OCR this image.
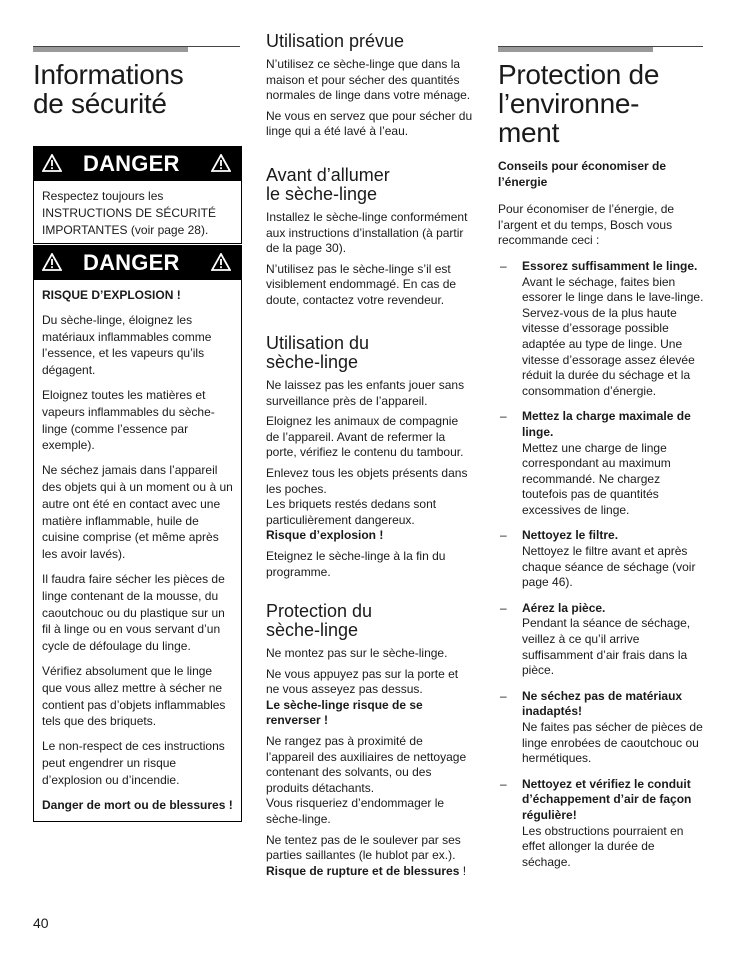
Informations
de sécurité
DANGER

Respectez toujours les INSTRUCTIONS DE SÉCURITÉ IMPORTANTES (voir page 28).

DANGER

RISQUE D’EXPLOSION !

Du sèche-linge, éloignez les matériaux inflammables comme l’essence, et les vapeurs qu’ils dégagent.

Eloignez toutes les matières et vapeurs inflammables du sèche-linge (comme l’essence par exemple).

Ne séchez jamais dans l’appareil des objets qui à un moment ou à un autre ont été en contact avec une matière inflammable, huile de cuisine comprise (et même après les avoir lavés).

Il faudra faire sécher les pièces de linge contenant de la mousse, du caoutchouc ou du plastique sur un fil à linge ou en vous servant d’un cycle de défoulage du linge.

Vérifiez absolument que le linge que vous allez mettre à sécher ne contient pas d’objets inflammables tels que des briquets.

Le non-respect de ces instructions peut engendrer un risque d’explosion ou d’incendie.

Danger de mort ou de blessures !

Utilisation prévue

N’utilisez ce sèche-linge que dans la maison et pour sécher des quantités normales de linge dans votre ménage.

Ne vous en servez que pour sécher du linge qui a été lavé à l’eau.

Avant d’allumer
le sèche-linge

Installez le sèche-linge conformément aux instructions d’installation (à partir de la page 30).

N’utilisez pas le sèche-linge s’il est visiblement endommagé. En cas de doute, contactez votre revendeur.

Utilisation du
sèche-linge

Ne laissez pas les enfants jouer sans surveillance près de l’appareil.

Eloignez les animaux de compagnie de l’appareil. Avant de refermer la porte, vérifiez le contenu du tambour.

Enlevez tous les objets présents dans les poches.

Les briquets restés dedans sont particulièrement dangereux.

Risque d’explosion !

Eteignez le sèche-linge à la fin du programme.

Protection du
sèche-linge

Ne montez pas sur le sèche-linge.

Ne vous appuyez pas sur la porte et ne vous asseyez pas dessus.

Le sèche-linge risque de se renverser !

Ne rangez pas à proximité de l’appareil des auxiliaires de nettoyage contenant des solvants, ou des produits détachants.

Vous risqueriez d’endommager le sèche-linge.

Ne tentez pas de le soulever par ses parties saillantes (le hublot par ex.).

Risque de rupture et de blessures !

Protection de
l’environne-
ment

Conseils pour économiser de l’énergie

Pour économiser de l’énergie, de l’argent et du temps, Bosch vous recommande ceci :

– Essorez suffisamment le linge.

Avant le séchage, faites bien essorer le linge dans le lave-linge. Servez-vous de la plus haute vitesse d’essorage possible adaptée au type de linge. Une vitesse d’essorage assez élevée réduit la durée du séchage et la consommation d’énergie.

– Mettez la charge maximale de linge.

Mettez une charge de linge correspondant au maximum recommandé. Ne chargez toutefois pas de quantités excessives de linge.

– Nettoyez le filtre.

Nettoyez le filtre avant et après chaque séance de séchage (voir page 46).

– Aérez la pièce.

Pendant la séance de séchage, veillez à ce qu’il arrive suffisamment d’air frais dans la pièce.

– Ne séchez pas de matériaux inadaptés!

Ne faites pas sécher de pièces de linge enrobées de caoutchouc ou hermétiques.

– Nettoyez et vérifiez le conduit d’échappement d’air de façon régulière!

Les obstructions pourraient en effet allonger la durée de séchage.

40
